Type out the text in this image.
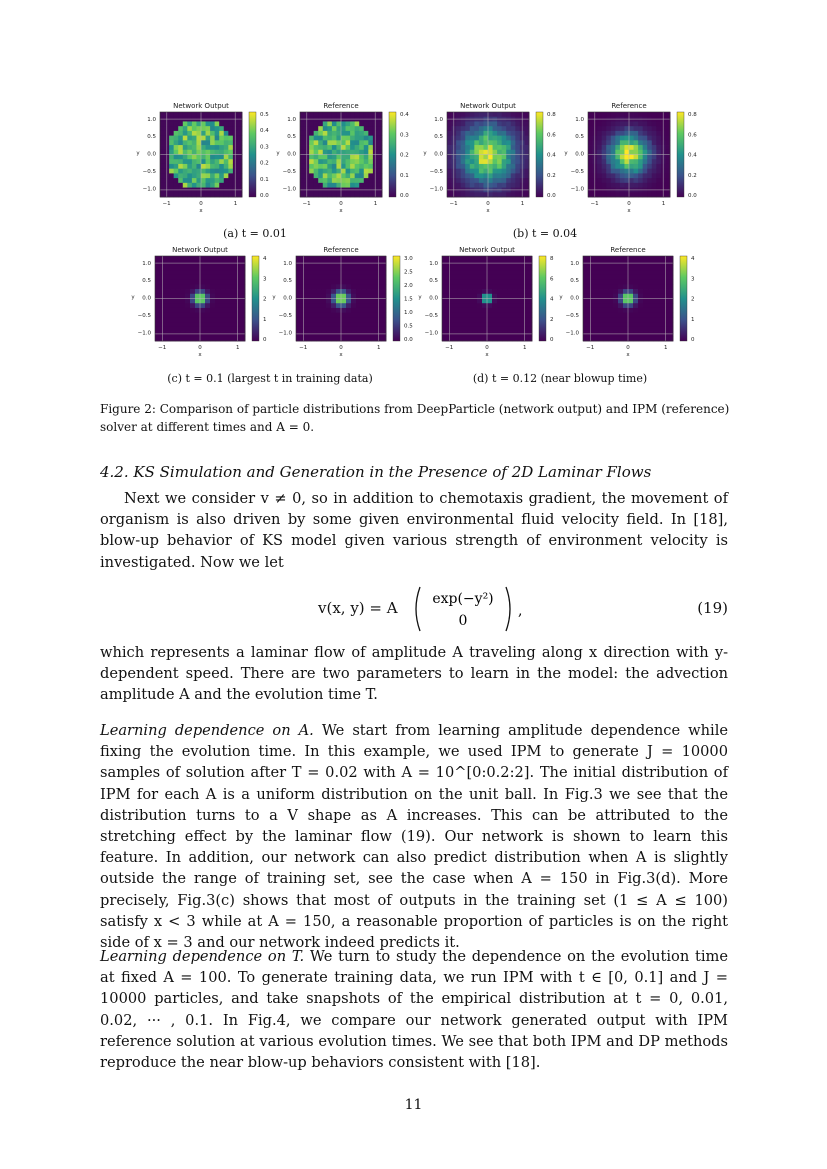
1.0
0.5
0.0
−0.5
−1.0
−1	0	1
x
y
Network Output
0.5
0.4
0.3
0.2
0.1
0.0
1.0
0.5
0.0
−0.5
−1.0
−1	0	1
x
y
Reference
0.4
0.3
0.2
0.1
0.0
1.0
0.5
0.0
−0.5
−1.0
−1	0	1
x
y
Network Output
0.8
0.6
0.4
0.2
0.0
1.0
0.5
0.0
−0.5
−1.0
−1	0	1
x
y
Reference
0.8
0.6
0.4
0.2
0.0
1.0
0.5
0.0
−0.5
−1.0
−1	0	1
x
y
Network Output
4
3
2
1
0
1.0
0.5
0.0
−0.5
−1.0
−1	0	1
x
y
Reference
3.0
2.5
2.0
1.5
1.0
0.5
0.0
1.0
0.5
0.0
−0.5
−1.0
−1	0	1
x
y
Network Output
8
6
4
2
0
1.0
0.5
0.0
−0.5
−1.0
−1	0	1
x
y
Reference
4
3
2
1
0
(a) t = 0.01	(b) t = 0.04
(c) t = 0.1 (largest t in training data)	(d) t = 0.12 (near blowup time)
Figure 2: Comparison of particle distributions from DeepParticle (network output) and IPM (reference) solver at different times and A = 0.
4.2. KS Simulation and Generation in the Presence of 2D Laminar Flows
Next we consider v ≠ 0, so in addition to chemotaxis gradient, the movement of organism is also driven by some given environmental fluid velocity field. In [18], blow-up behavior of KS model given various strength of environment velocity is investigated. Now we let
v(x, y) = A exp(−y²)
0
,	(19)
which represents a laminar flow of amplitude A traveling along x direction with y-dependent speed. There are two parameters to learn in the model: the advection amplitude A and the evolution time T.
Learning dependence on A. We start from learning amplitude dependence while fixing the evolution time. In this example, we used IPM to generate J = 10000 samples of solution after T = 0.02 with A = 10^[0:0.2:2]. The initial distribution of IPM for each A is a uniform distribution on the unit ball. In Fig.3 we see that the distribution turns to a V shape as A increases. This can be attributed to the stretching effect by the laminar flow (19). Our network is shown to learn this feature. In addition, our network can also predict distribution when A is slightly outside the range of training set, see the case when A = 150 in Fig.3(d). More precisely, Fig.3(c) shows that most of outputs in the training set (1 ≤ A ≤ 100) satisfy x < 3 while at A = 150, a reasonable proportion of particles is on the right side of x = 3 and our network indeed predicts it.
Learning dependence on T. We turn to study the dependence on the evolution time at fixed A = 100. To generate training data, we run IPM with t ∈ [0, 0.1] and J = 10000 particles, and take snapshots of the empirical distribution at t = 0, 0.01, 0.02, ··· , 0.1. In Fig.4, we compare our network generated output with IPM reference solution at various evolution times. We see that both IPM and DP methods reproduce the near blow-up behaviors consistent with [18].
11
